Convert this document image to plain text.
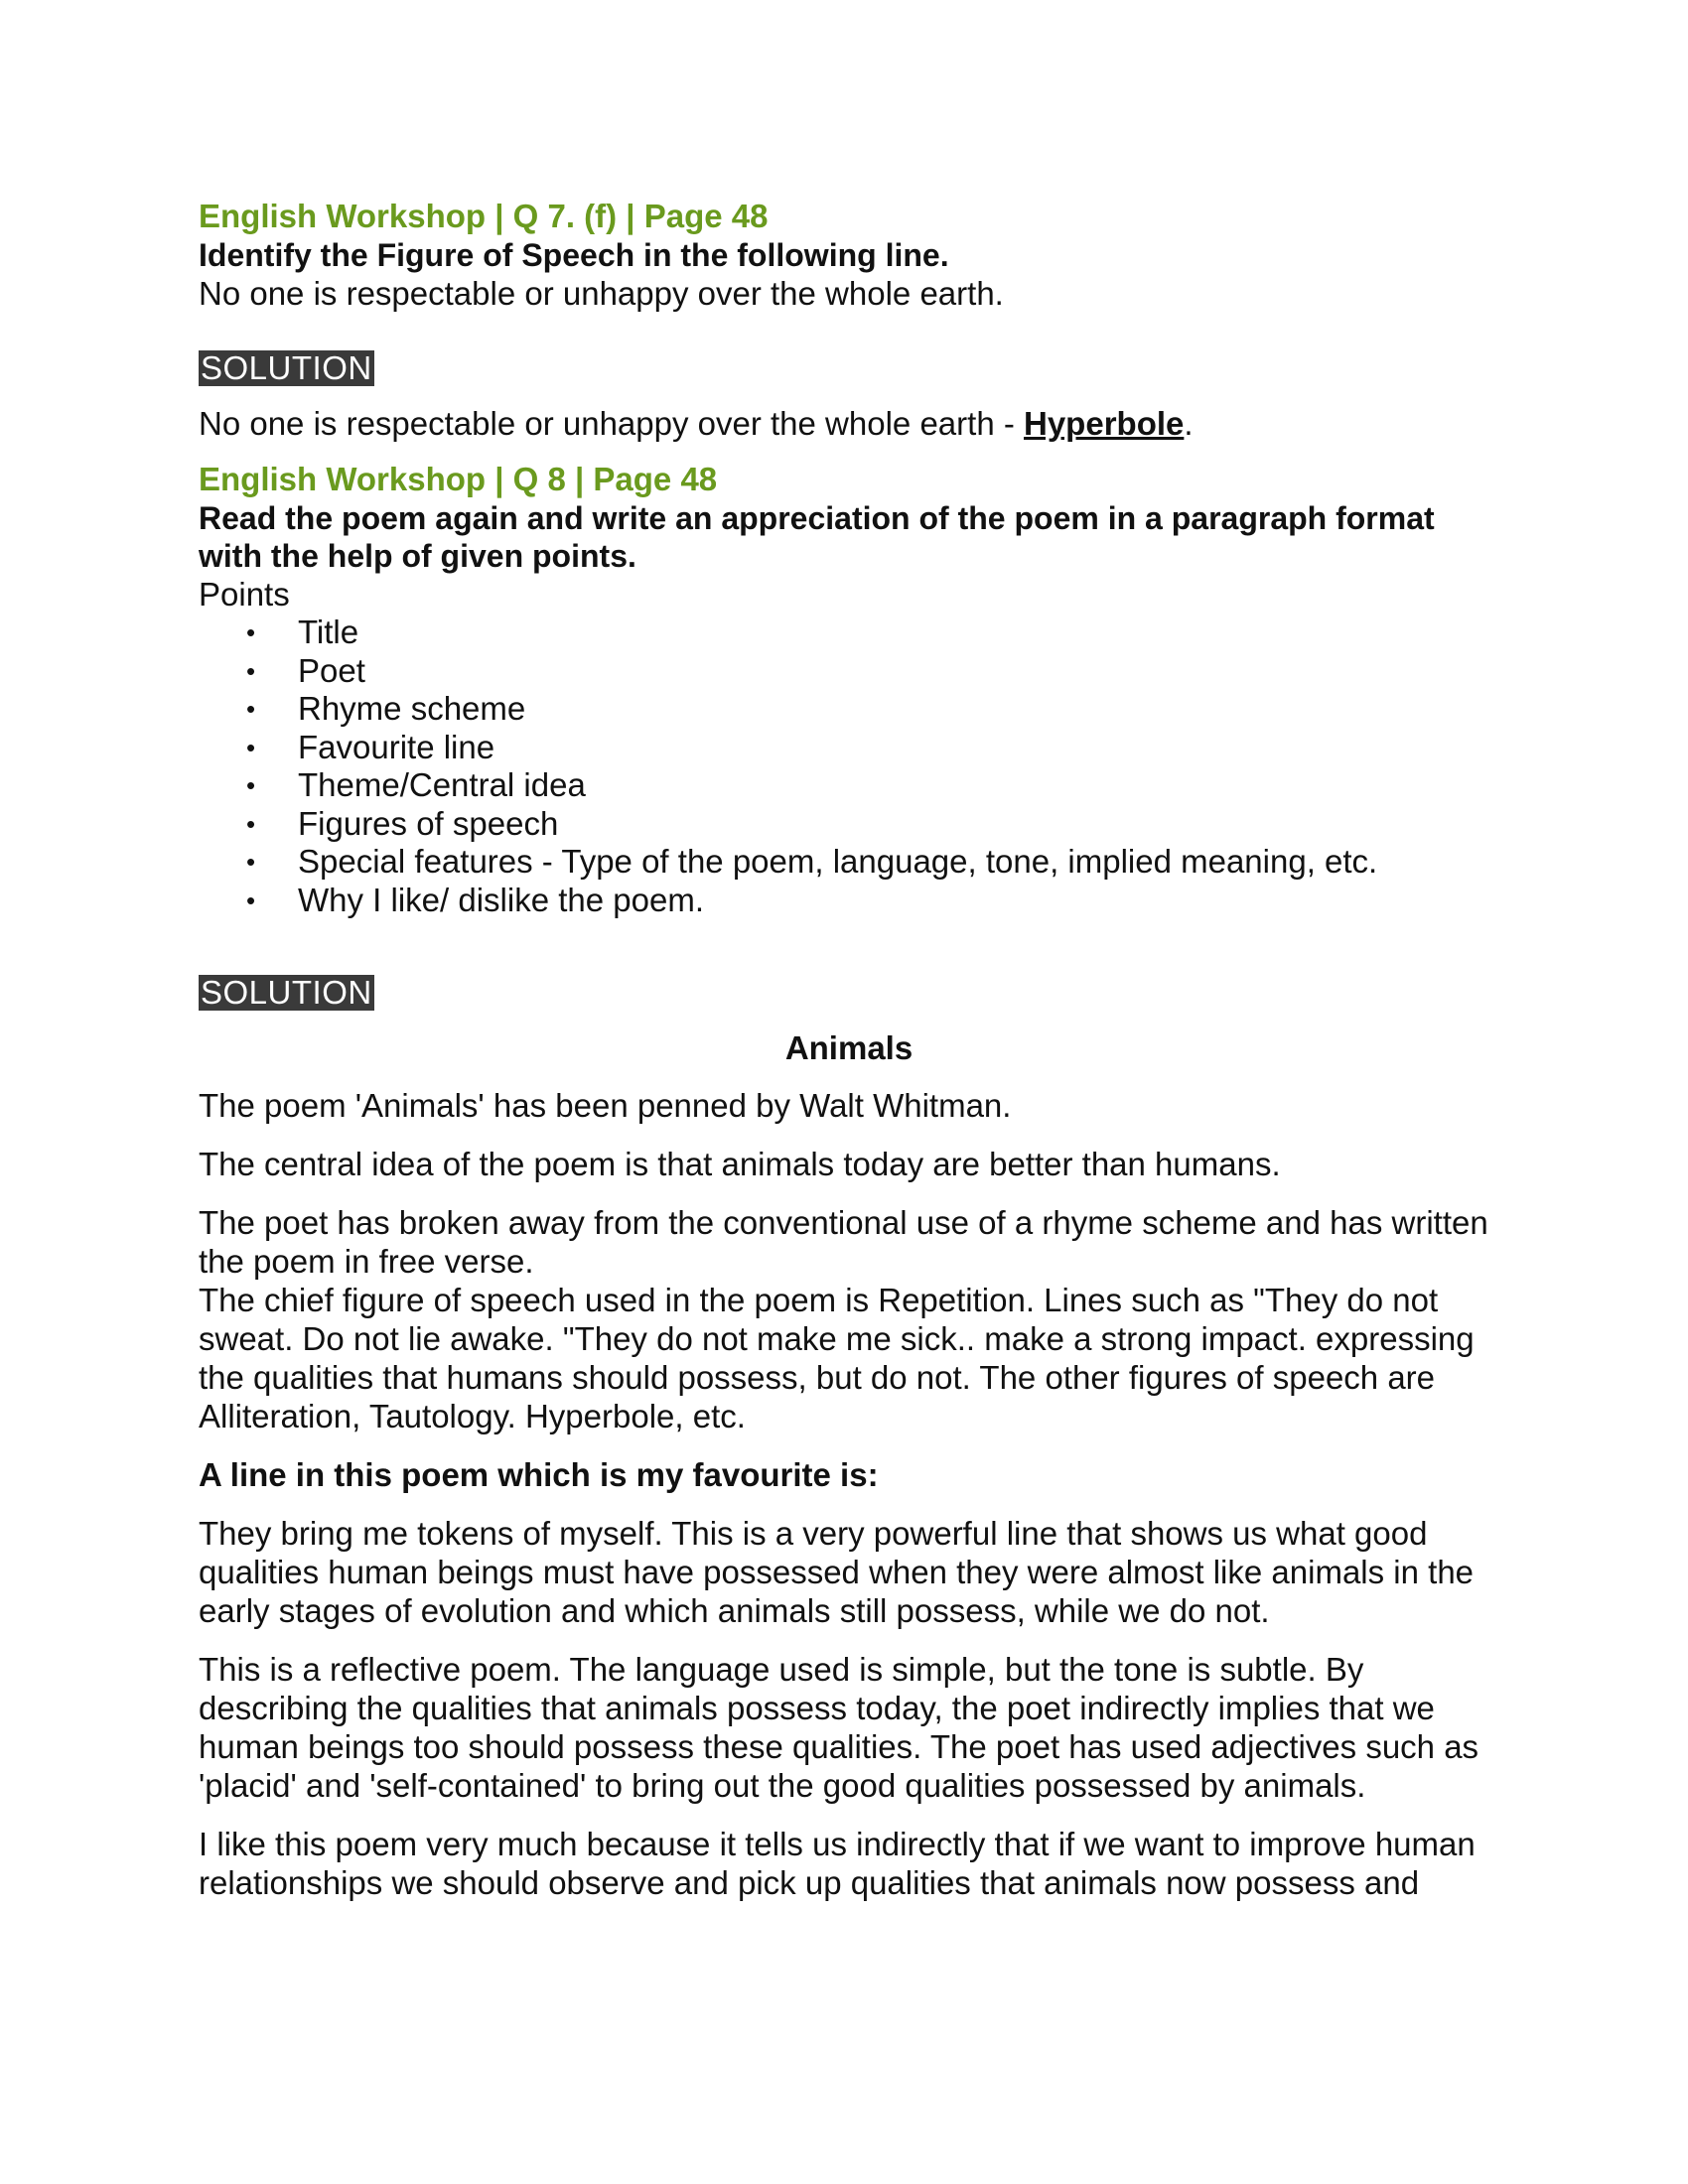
English Workshop | Q 7. (f) | Page 48

Identify the Figure of Speech in the following line.

No one is respectable or unhappy over the whole earth.

SOLUTION

No one is respectable or unhappy over the whole earth - Hyperbole.

English Workshop | Q 8 | Page 48

Read the poem again and write an appreciation of the poem in a paragraph format with the help of given points.

Points

• Title
• Poet
• Rhyme scheme
• Favourite line
• Theme/Central idea
• Figures of speech
• Special features - Type of the poem, language, tone, implied meaning, etc.
• Why I like/ dislike the poem.
SOLUTION

Animals

The poem 'Animals' has been penned by Walt Whitman.

The central idea of the poem is that animals today are better than humans.

The poet has broken away from the conventional use of a rhyme scheme and has written the poem in free verse.

The chief figure of speech used in the poem is Repetition. Lines such as "They do not sweat. Do not lie awake. "They do not make me sick.. make a strong impact. expressing the qualities that humans should possess, but do not. The other figures of speech are Alliteration, Tautology. Hyperbole, etc.

A line in this poem which is my favourite is:

They bring me tokens of myself. This is a very powerful line that shows us what good qualities human beings must have possessed when they were almost like animals in the early stages of evolution and which animals still possess, while we do not.

This is a reflective poem. The language used is simple, but the tone is subtle. By describing the qualities that animals possess today, the poet indirectly implies that we human beings too should possess these qualities. The poet has used adjectives such as 'placid' and 'self-contained' to bring out the good qualities possessed by animals.

I like this poem very much because it tells us indirectly that if we want to improve human relationships we should observe and pick up qualities that animals now possess and
